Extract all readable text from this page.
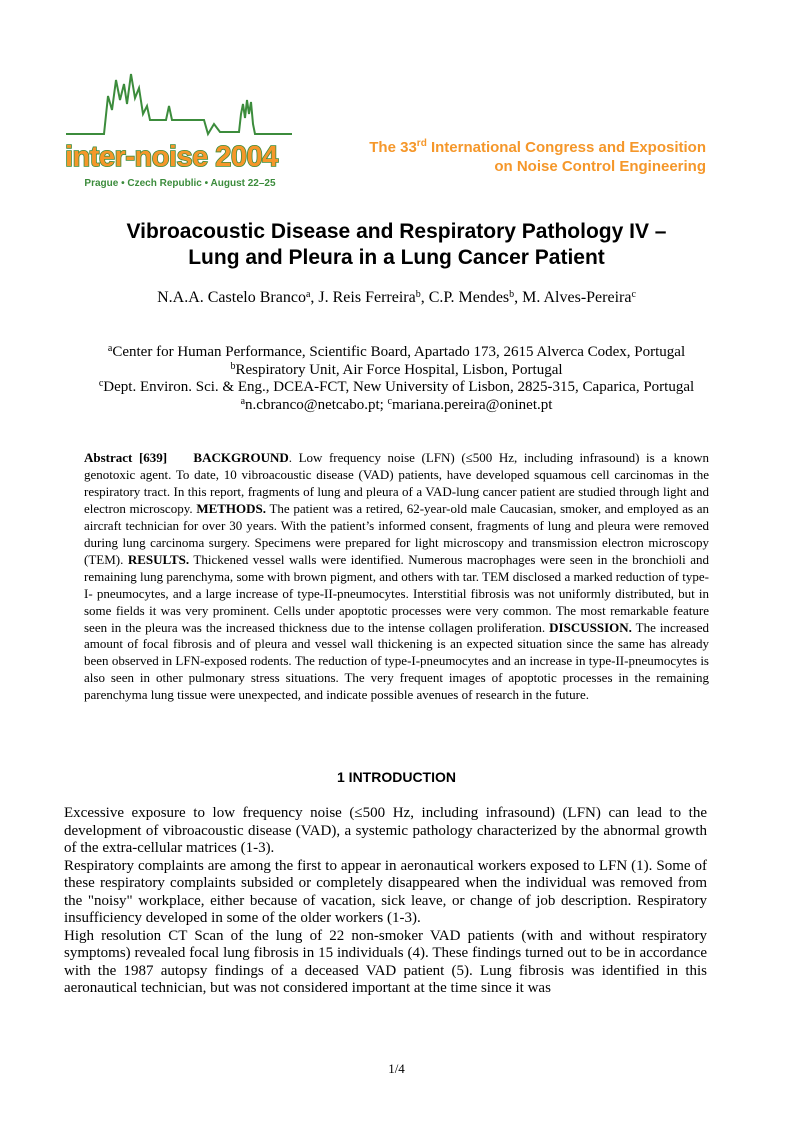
inter-noise 2004
Prague • Czech Republic • August 22–25
The 33rd International Congress and Exposition
on Noise Control Engineering
Vibroacoustic Disease and Respiratory Pathology IV –
Lung and Pleura in a Lung Cancer Patient
N.A.A. Castelo Branco$^a$, J. Reis Ferreira$^b$, C.P. Mendes$^b$, M. Alves-Pereira$^c$
$^a$Center for Human Performance, Scientific Board, Apartado 173, 2615 Alverca Codex, Portugal
$^b$Respiratory Unit, Air Force Hospital, Lisbon, Portugal
$^c$Dept. Environ. Sci. & Eng., DCEA-FCT, New University of Lisbon, 2825-315, Caparica, Portugal
$^a$n.cbranco@netcabo.pt; $^c$mariana.pereira@oninet.pt
Abstract [639] BACKGROUND. Low frequency noise (LFN) (≤500 Hz, including infrasound) is a known genotoxic agent. To date, 10 vibroacoustic disease (VAD) patients, have developed squamous cell carcinomas in the respiratory tract. In this report, fragments of lung and pleura of a VAD-lung cancer patient are studied through light and electron microscopy. METHODS. The patient was a retired, 62-year-old male Caucasian, smoker, and employed as an aircraft technician for over 30 years. With the patient’s informed consent, fragments of lung and pleura were removed during lung carcinoma surgery. Specimens were prepared for light microscopy and transmission electron microscopy (TEM). RESULTS. Thickened vessel walls were identified. Numerous macrophages were seen in the bronchioli and remaining lung parenchyma, some with brown pigment, and others with tar. TEM disclosed a marked reduction of type-I- pneumocytes, and a large increase of type-II-pneumocytes. Interstitial fibrosis was not uniformly distributed, but in some fields it was very prominent. Cells under apoptotic processes were very common. The most remarkable feature seen in the pleura was the increased thickness due to the intense collagen proliferation. DISCUSSION. The increased amount of focal fibrosis and of pleura and vessel wall thickening is an expected situation since the same has already been observed in LFN-exposed rodents. The reduction of type-I-pneumocytes and an increase in type-II-pneumocytes is also seen in other pulmonary stress situations. The very frequent images of apoptotic processes in the remaining parenchyma lung tissue were unexpected, and indicate possible avenues of research in the future.
1 INTRODUCTION

Excessive exposure to low frequency noise (≤500 Hz, including infrasound) (LFN) can lead to the development of vibroacoustic disease (VAD), a systemic pathology characterized by the abnormal growth of the extra-cellular matrices (1-3).

Respiratory complaints are among the first to appear in aeronautical workers exposed to LFN (1). Some of these respiratory complaints subsided or completely disappeared when the individual was removed from the "noisy" workplace, either because of vacation, sick leave, or change of job description. Respiratory insufficiency developed in some of the older workers (1-3).

High resolution CT Scan of the lung of 22 non-smoker VAD patients (with and without respiratory symptoms) revealed focal lung fibrosis in 15 individuals (4). These findings turned out to be in accordance with the 1987 autopsy findings of a deceased VAD patient (5). Lung fibrosis was identified in this aeronautical technician, but was not considered important at the time since it was

1/4
